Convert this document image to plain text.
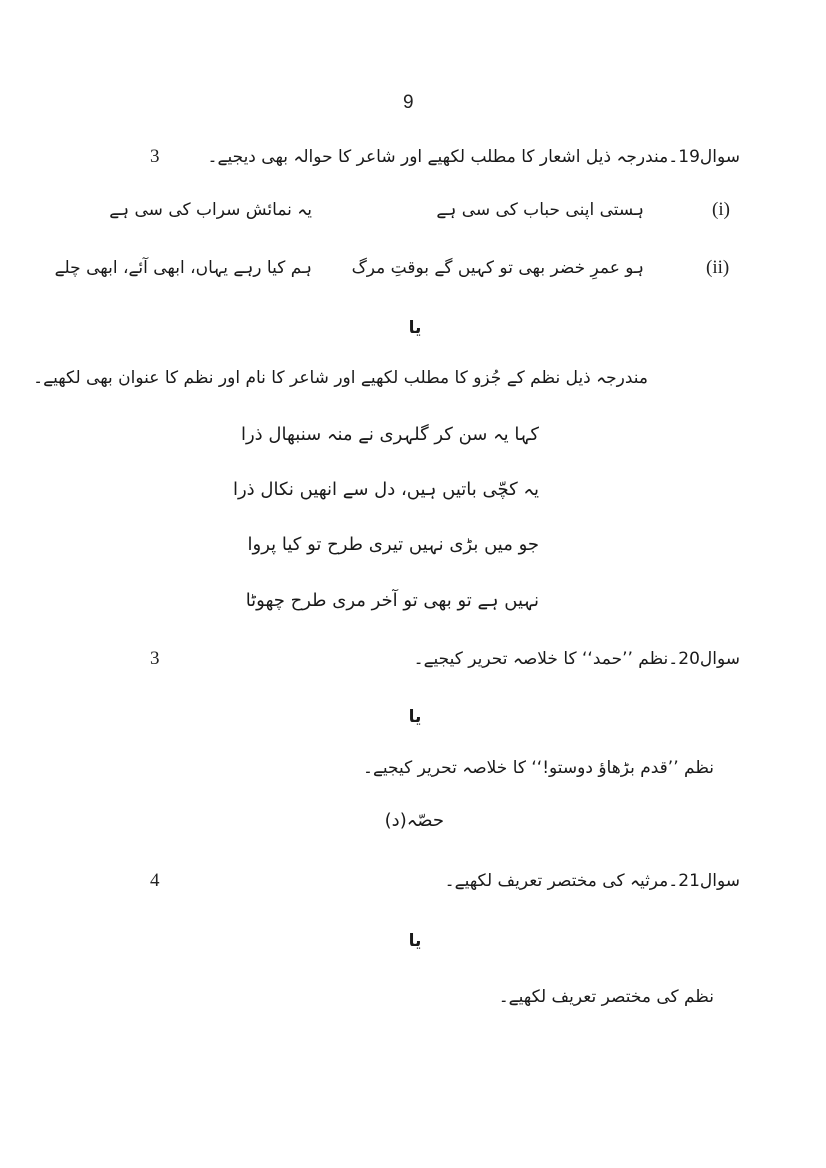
9
3	سوال19۔مندرجہ ذیل اشعار کا مطلب لکھیے اور شاعر کا حوالہ بھی دیجیے۔
(i)
ہستی اپنی حباب کی سی ہے
یہ نمائش سراب کی سی ہے
(ii)
ہو عمرِ خضر بھی تو کہیں گے بوقتِ مرگ
ہم کیا رہے یہاں، ابھی آئے، ابھی چلے
یا
مندرجہ ذیل نظم کے جُزو کا مطلب لکھیے اور شاعر کا نام اور نظم کا عنوان بھی لکھیے۔
کہا یہ سن کر گلہری نے منہ سنبھال ذرا
یہ کچّی باتیں ہیں، دل سے انھیں نکال ذرا
جو میں بڑی نہیں تیری طرح تو کیا پروا
نہیں ہے تو بھی تو آخر مری طرح چھوٹا
3	سوال20۔نظم ’’حمد‘‘ کا خلاصہ تحریر کیجیے۔
یا
نظم ’’قدم بڑھاؤ دوستو!‘‘ کا خلاصہ تحریر کیجیے۔
حصّہ(د)
4	سوال21۔مرثیہ کی مختصر تعریف لکھیے۔
یا
نظم کی مختصر تعریف لکھیے۔
